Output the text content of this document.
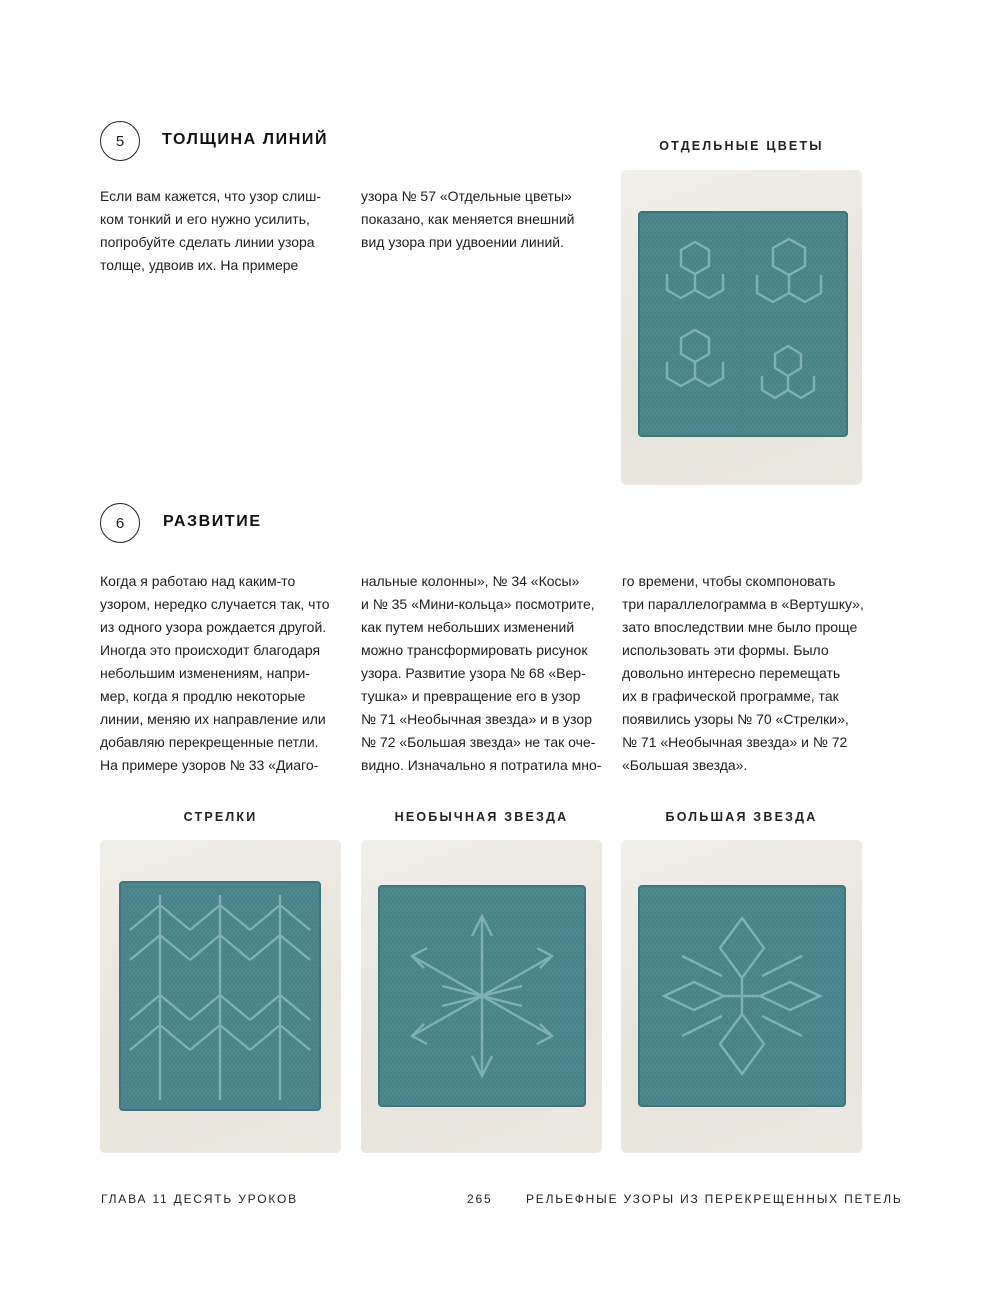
5 ТОЛЩИНА ЛИНИЙ
Если вам кажется, что узор слиш-
ком тонкий и его нужно усилить,
попробуйте сделать линии узора
толще, удвоив их. На примере
узора № 57 «Отдельные цветы»
показано, как меняется внешний
вид узора при удвоении линий.
ОТДЕЛЬНЫЕ ЦВЕТЫ
6 РАЗВИТИЕ
Когда я работаю над каким-то
узором, нередко случается так, что
из одного узора рождается другой.
Иногда это происходит благодаря
небольшим изменениям, напри-
мер, когда я продлю некоторые
линии, меняю их направление или
добавляю перекрещенные петли.
На примере узоров № 33 «Диаго-
нальные колонны», № 34 «Косы»
и № 35 «Мини-кольца» посмотрите,
как путем небольших изменений
можно трансформировать рисунок
узора. Развитие узора № 68 «Вер-
тушка» и превращение его в узор
№ 71 «Необычная звезда» и в узор
№ 72 «Большая звезда» не так оче-
видно. Изначально я потратила мно-
го времени, чтобы скомпоновать
три параллелограмма в «Вертушку»,
зато впоследствии мне было проще
использовать эти формы. Было
довольно интересно перемещать
их в графической программе, так
появились узоры № 70 «Стрелки»,
№ 71 «Необычная звезда» и № 72
«Большая звезда».
СТРЕЛКИ	НЕОБЫЧНАЯ ЗВЕЗДА	БОЛЬШАЯ ЗВЕЗДА
ГЛАВА 11 ДЕСЯТЬ УРОКОВ	265	РЕЛЬЕФНЫЕ УЗОРЫ ИЗ ПЕРЕКРЕЩЕННЫХ ПЕТЕЛЬ
